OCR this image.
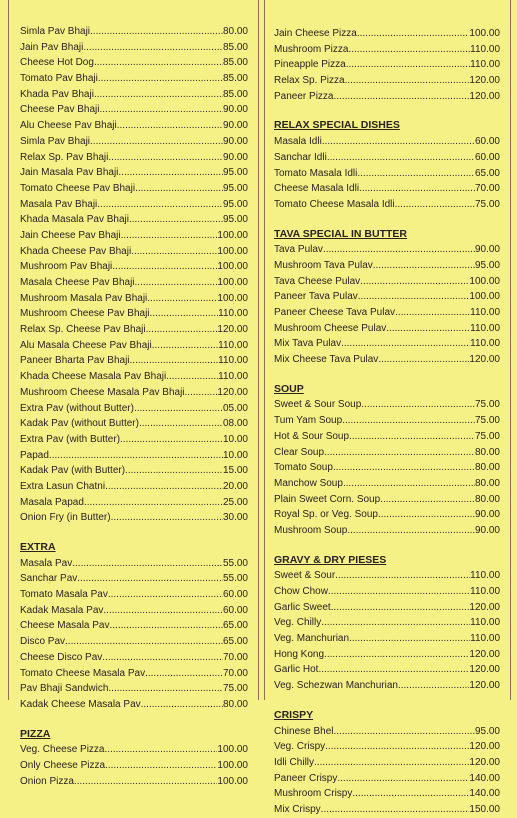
Simla Pav Bhaji .....	80.00
Jain Pav Bhaji .....	85.00
Cheese Hot Dog .....	85.00
Tomato Pav Bhaji .....	85.00
Khada Pav Bhaji .....	85.00
Cheese Pav Bhaji .....	90.00
Alu Cheese Pav Bhaji .....	90.00
Simla Pav Bhaji .....	90.00
Relax Sp. Pav Bhaji .....	90.00
Jain Masala Pav Bhaji .....	95.00
Tomato Cheese Pav Bhaji .....	95.00
Masala Pav Bhaji .....	95.00
Khada Masala Pav Bhaji .....	95.00
Jain Cheese Pav Bhaji .....	100.00
Khada Cheese Pav Bhaji .....	100.00
Mushroom Pav Bhaji .....	100.00
Masala Cheese Pav Bhaji .....	100.00
Mushroom Masala Pav Bhaji .....	100.00
Mushroom Cheese Pav Bhaji .....	110.00
Relax Sp. Cheese Pav Bhaji .....	120.00
Alu Masala Cheese Pav Bhaji .....	110.00
Paneer Bharta Pav Bhaji .....	110.00
Khada Cheese Masala Pav Bhaji .....	110.00
Mushroom Cheese Masala Pav Bhaji .....	120.00
Extra Pav (without Butter) .....	05.00
Kadak Pav (without Butter) .....	08.00
Extra Pav (with Butter) .....	10.00
Papad .....	10.00
Kadak Pav (with Butter) .....	15.00
Extra Lasun Chatni .....	20.00
Masala Papad .....	25.00
Onion Fry (in Butter) .....	30.00
EXTRA
Masala Pav .....	55.00
Sanchar Pav .....	55.00
Tomato Masala Pav .....	60.00
Kadak Masala Pav .....	60.00
Cheese Masala Pav .....	65.00
Disco Pav .....	65.00
Cheese Disco Pav .....	70.00
Tomato Cheese Masala Pav .....	70.00
Pav Bhaji Sandwich .....	75.00
Kadak Cheese Masala Pav .....	80.00
PIZZA
Veg. Cheese Pizza .....	100.00
Only Cheese Pizza .....	100.00
Onion Pizza .....	100.00
Jain Cheese Pizza .....	100.00
Mushroom Pizza .....	110.00
Pineapple Pizza .....	110.00
Relax Sp. Pizza .....	120.00
Paneer Pizza .....	120.00
RELAX SPECIAL DISHES
Masala Idli .....	60.00
Sanchar Idli .....	60.00
Tomato Masala Idli .....	65.00
Cheese Masala Idli .....	70.00
Tomato Cheese Masala Idli .....	75.00
TAVA SPECIAL IN BUTTER
Tava Pulav .....	90.00
Mushroom Tava Pulav .....	95.00
Tava Cheese Pulav .....	100.00
Paneer Tava Pulav .....	100.00
Paneer Cheese Tava Pulav .....	110.00
Mushroom Cheese Pulav .....	110.00
Mix Tava Pulav .....	110.00
Mix Cheese Tava Pulav .....	120.00
SOUP
Sweet & Sour Soup .....	75.00
Tum Yam Soup .....	75.00
Hot & Sour Soup .....	75.00
Clear Soup .....	80.00
Tomato Soup .....	80.00
Manchow Soup .....	80.00
Plain Sweet Corn. Soup .....	80.00
Royal Sp. or Veg. Soup .....	90.00
Mushroom Soup .....	90.00
GRAVY & DRY PIESES
Sweet & Sour .....	110.00
Chow Chow .....	110.00
Garlic Sweet .....	120.00
Veg. Chilly .....	110.00
Veg. Manchurian .....	110.00
Hong Kong .....	120.00
Garlic Hot .....	120.00
Veg. Schezwan Manchurian .....	120.00
CRISPY
Chinese Bhel .....	95.00
Veg. Crispy .....	120.00
Idli Chilly .....	120.00
Paneer Crispy .....	140.00
Mushroom Crispy .....	140.00
Mix Crispy .....	150.00
